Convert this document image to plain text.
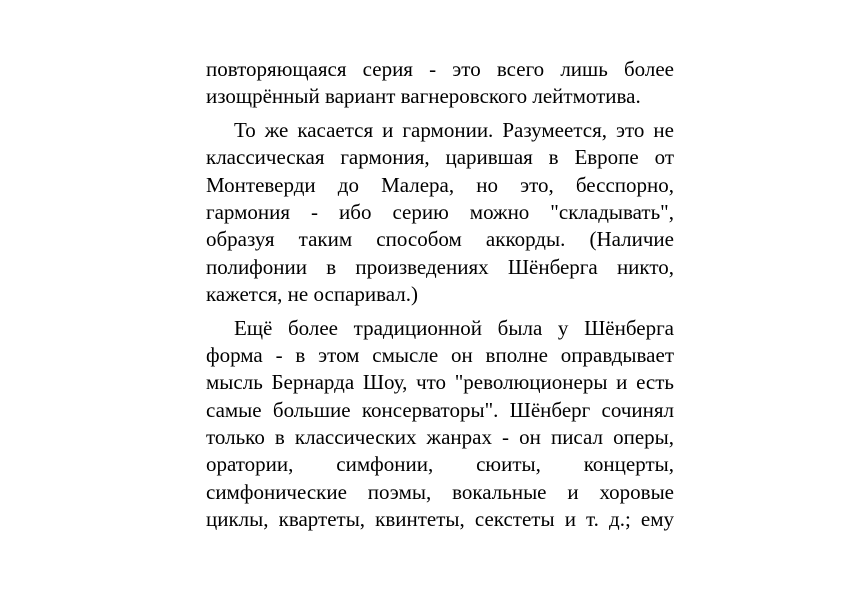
повторяющаяся серия - это всего лишь более
изощрённый вариант вагнеровского лейтмотива.
То же касается и гармонии. Разумеется, это не
классическая гармония, царившая в Европе от
Монтеверди до Малера, но это, бесспорно,
гармония - ибо серию можно "складывать",
образуя таким способом аккорды. (Наличие
полифонии в произведениях Шёнберга никто,
кажется, не оспаривал.)
Ещё более традиционной была у Шёнберга
форма - в этом смысле он вполне оправдывает
мысль Бернарда Шоу, что "революционеры и есть
самые большие консерваторы". Шёнберг сочинял
только в классических жанрах - он писал оперы,
оратории, симфонии, сюиты, концерты,
симфонические поэмы, вокальные и хоровые
циклы, квартеты, квинтеты, секстеты и т. д.; ему
